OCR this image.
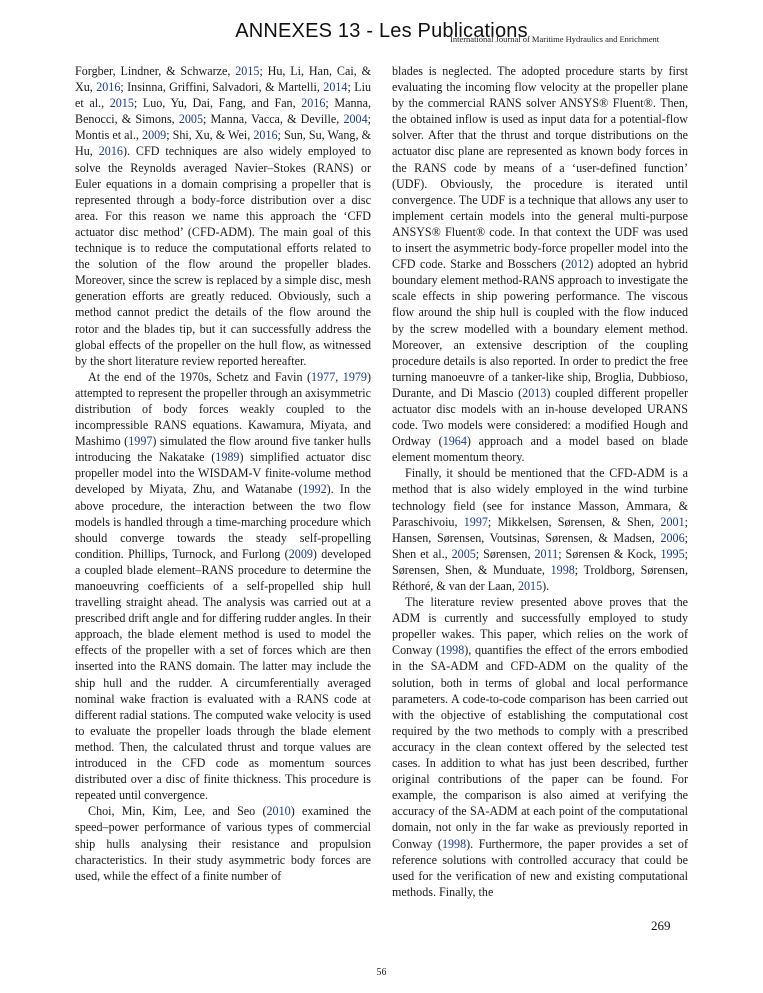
ANNEXES 13 - Les Publications
International Journal of Maritime Hydraulics and Enrichment

Forgber, Lindner, & Schwarze, 2015; Hu, Li, Han, Cai, & Xu, 2016; Insinna, Griffini, Salvadori, & Martelli, 2014; Liu et al., 2015; Luo, Yu, Dai, Fang, and Fan, 2016; Manna, Benocci, & Simons, 2005; Manna, Vacca, & Deville, 2004; Montis et al., 2009; Shi, Xu, & Wei, 2016; Sun, Su, Wang, & Hu, 2016). CFD techniques are also widely employed to solve the Reynolds averaged Navier–Stokes (RANS) or Euler equations in a domain comprising a propeller that is represented through a body-force distribution over a disc area. For this reason we name this approach the ‘CFD actuator disc method’ (CFD-ADM). The main goal of this technique is to reduce the computational efforts related to the solution of the flow around the propeller blades. Moreover, since the screw is replaced by a simple disc, mesh generation efforts are greatly reduced. Obviously, such a method cannot predict the details of the flow around the rotor and the blades tip, but it can successfully address the global effects of the propeller on the hull flow, as witnessed by the short literature review reported hereafter.

At the end of the 1970s, Schetz and Favin (1977, 1979) attempted to represent the propeller through an axisymmetric distribution of body forces weakly coupled to the incompressible RANS equations. Kawamura, Miyata, and Mashimo (1997) simulated the flow around five tanker hulls introducing the Nakatake (1989) simplified actuator disc propeller model into the WISDAM-V finite-volume method developed by Miyata, Zhu, and Watanabe (1992). In the above procedure, the interaction between the two flow models is handled through a time-marching procedure which should converge towards the steady self-propelling condition. Phillips, Turnock, and Furlong (2009) developed a coupled blade element–RANS procedure to determine the manoeuvring coefficients of a self-propelled ship hull travelling straight ahead. The analysis was carried out at a prescribed drift angle and for differing rudder angles. In their approach, the blade element method is used to model the effects of the propeller with a set of forces which are then inserted into the RANS domain. The latter may include the ship hull and the rudder. A circumferentially averaged nominal wake fraction is evaluated with a RANS code at different radial stations. The computed wake velocity is used to evaluate the propeller loads through the blade element method. Then, the calculated thrust and torque values are introduced in the CFD code as momentum sources distributed over a disc of finite thickness. This procedure is repeated until convergence.

Choi, Min, Kim, Lee, and Seo (2010) examined the speed–power performance of various types of commercial ship hulls analysing their resistance and propulsion characteristics. In their study asymmetric body forces are used, while the effect of a finite number of

blades is neglected. The adopted procedure starts by first evaluating the incoming flow velocity at the propeller plane by the commercial RANS solver ANSYS® Fluent®. Then, the obtained inflow is used as input data for a potential-flow solver. After that the thrust and torque distributions on the actuator disc plane are represented as known body forces in the RANS code by means of a ‘user-defined function’ (UDF). Obviously, the procedure is iterated until convergence. The UDF is a technique that allows any user to implement certain models into the general multi-purpose ANSYS® Fluent® code. In that context the UDF was used to insert the asymmetric body-force propeller model into the CFD code. Starke and Bosschers (2012) adopted an hybrid boundary element method-RANS approach to investigate the scale effects in ship powering performance. The viscous flow around the ship hull is coupled with the flow induced by the screw modelled with a boundary element method. Moreover, an extensive description of the coupling procedure details is also reported. In order to predict the free turning manoeuvre of a tanker-like ship, Broglia, Dubbioso, Durante, and Di Mascio (2013) coupled different propeller actuator disc models with an in-house developed URANS code. Two models were considered: a modified Hough and Ordway (1964) approach and a model based on blade element momentum theory.

Finally, it should be mentioned that the CFD-ADM is a method that is also widely employed in the wind turbine technology field (see for instance Masson, Ammara, & Paraschivoiu, 1997; Mikkelsen, Sørensen, & Shen, 2001; Hansen, Sørensen, Voutsinas, Sørensen, & Madsen, 2006; Shen et al., 2005; Sørensen, 2011; Sørensen & Kock, 1995; Sørensen, Shen, & Munduate, 1998; Troldborg, Sørensen, Réthoré, & van der Laan, 2015).

The literature review presented above proves that the ADM is currently and successfully employed to study propeller wakes. This paper, which relies on the work of Conway (1998), quantifies the effect of the errors embodied in the SA-ADM and CFD-ADM on the quality of the solution, both in terms of global and local performance parameters. A code-to-code comparison has been carried out with the objective of establishing the computational cost required by the two methods to comply with a prescribed accuracy in the clean context offered by the selected test cases. In addition to what has just been described, further original contributions of the paper can be found. For example, the comparison is also aimed at verifying the accuracy of the SA-ADM at each point of the computational domain, not only in the far wake as previously reported in Conway (1998). Furthermore, the paper provides a set of reference solutions with controlled accuracy that could be used for the verification of new and existing computational methods. Finally, the

269
56
